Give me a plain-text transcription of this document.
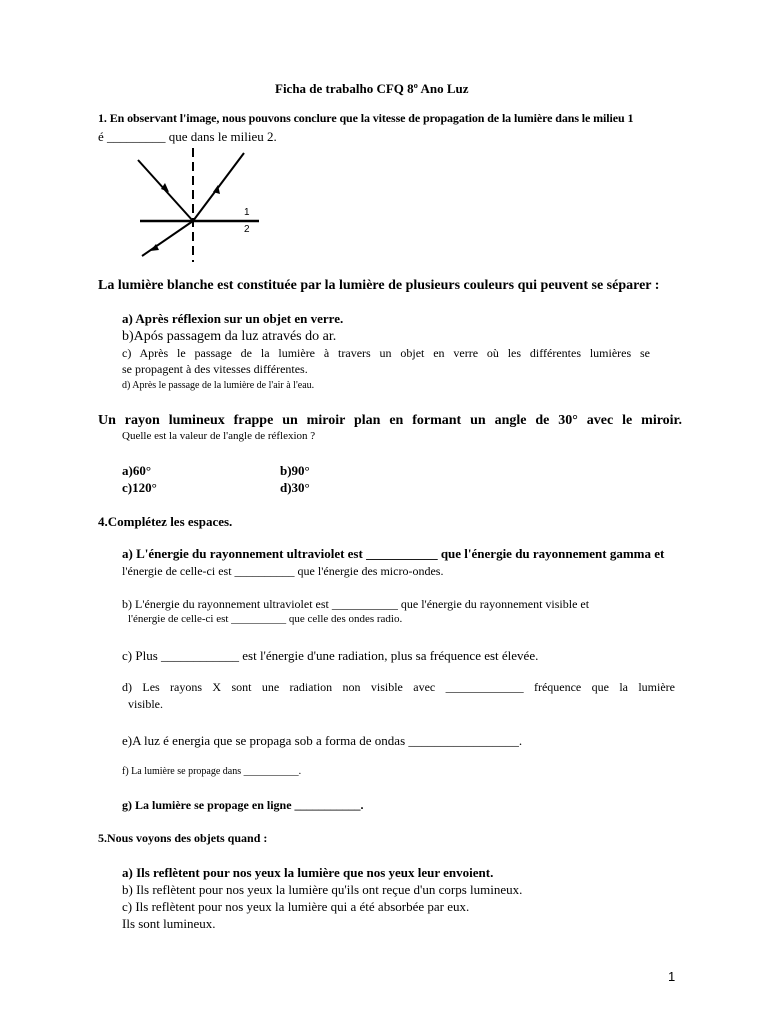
Ficha de trabalho CFQ 8º Ano Luz
1. En observant l'image, nous pouvons conclure que la vitesse de propagation de la lumière dans le milieu 1
é _________ que dans le milieu 2.
1
2
La lumière blanche est constituée par la lumière de plusieurs couleurs qui peuvent se séparer :
a) Après réflexion sur un objet en verre.
b)Após passagem da luz através do ar.
c) Après le passage de la lumière à travers un objet en verre où les différentes lumières se
se propagent à des vitesses différentes.
d) Après le passage de la lumière de l'air à l'eau.
Un rayon lumineux frappe un miroir plan en formant un angle de 30° avec le miroir.
Quelle est la valeur de l'angle de réflexion ?
a)60°	b)90°
c)120°	d)30°
4.Complétez les espaces.
a) L'énergie du rayonnement ultraviolet est ___________ que l'énergie du rayonnement gamma et
l'énergie de celle-ci est __________ que l'énergie des micro-ondes.
b) L'énergie du rayonnement ultraviolet est ___________ que l'énergie du rayonnement visible et
l'énergie de celle-ci est __________ que celle des ondes radio.
c) Plus ____________ est l'énergie d'une radiation, plus sa fréquence est élevée.
d) Les rayons X sont une radiation non visible avec _____________ fréquence que la lumière
visible.
e)A luz é energia que se propaga sob a forma de ondas _________________.
f) La lumière se propage dans ___________.
g) La lumière se propage en ligne ___________.
5.Nous voyons des objets quand :
a) Ils reflètent pour nos yeux la lumière que nos yeux leur envoient.
b) Ils reflètent pour nos yeux la lumière qu'ils ont reçue d'un corps lumineux.
c) Ils reflètent pour nos yeux la lumière qui a été absorbée par eux.
Ils sont lumineux.
1
